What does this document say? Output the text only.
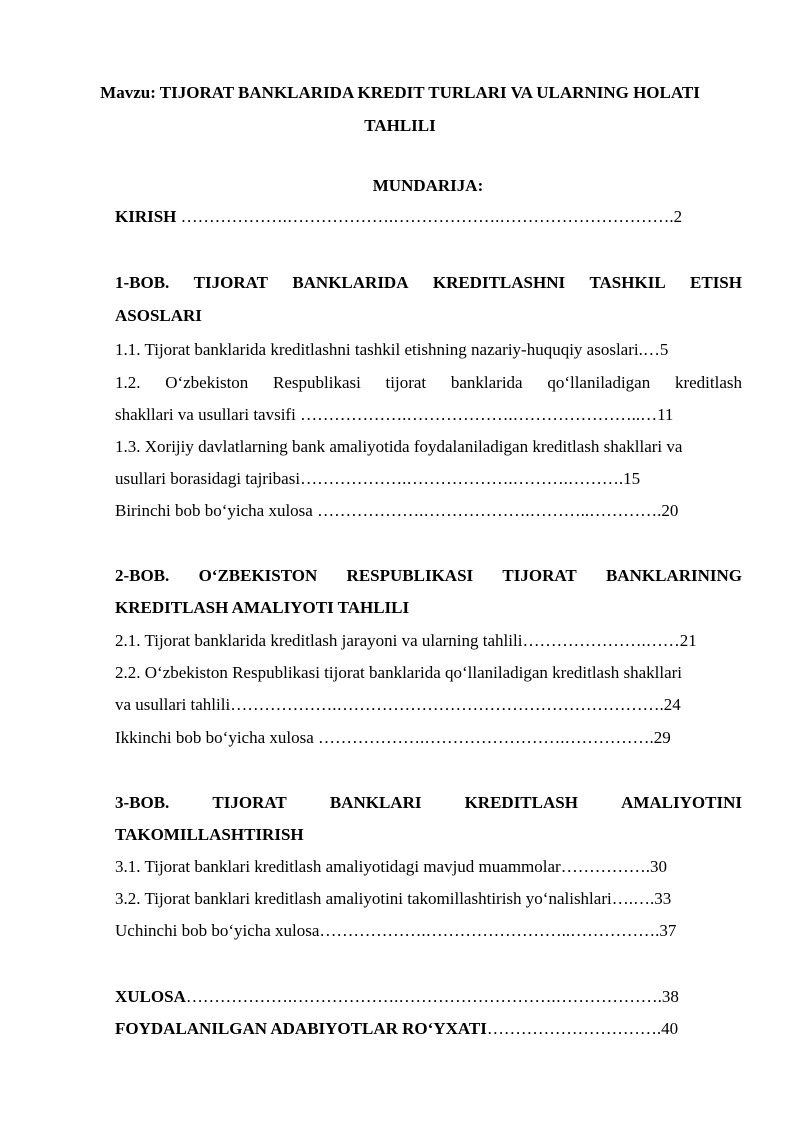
Mavzu: TIJORAT BANKLARIDA KREDIT TURLARI VA ULARNING HOLATI TAHLILI
MUNDARIJA:
KIRISH ……………….……………….……………….………………………….2
1-BOB. TIJORAT BANKLARIDA KREDITLASHNI TASHKIL ETISH
ASOSLARI
1.1. Tijorat banklarida kreditlashni tashkil etishning nazariy-huquqiy asoslari.…5
1.2. O‘zbekiston Respublikasi tijorat banklarida qo‘llaniladigan kreditlash
shakllari va usullari tavsifi ……………….……………….…………………..…11
1.3. Xorijiy davlatlarning bank amaliyotida foydalaniladigan kreditlash shakllari va
usullari borasidagi tajribasi……………….……………….……….……….15
Birinchi bob bo‘yicha xulosa ……………….……………….………..………….20
2-BOB. O‘ZBEKISTON RESPUBLIKASI TIJORAT BANKLARINING
KREDITLASH AMALIYOTI TAHLILI
2.1. Tijorat banklarida kreditlash jarayoni va ularning tahlili………………….……21
2.2. O‘zbekiston Respublikasi tijorat banklarida qo‘llaniladigan kreditlash shakllari
va usullari tahlili……………….………………………………………………….24
Ikkinchi bob bo‘yicha xulosa ……………….…………………….…………….29
3-BOB.	TIJORAT	BANKLARI	KREDITLASH	AMALIYOTINI
TAKOMILLASHTIRISH
3.1. Tijorat banklari kreditlash amaliyotidagi mavjud muammolar…………….30
3.2. Tijorat banklari kreditlash amaliyotini takomillashtirish yo‘nalishlari….….33
Uchinchi bob bo‘yicha xulosa……………….……………………..…………….37
XULOSA……………….……………….……………………….……………….38
FOYDALANILGAN ADABIYOTLAR RO‘YXATI………………………….40
